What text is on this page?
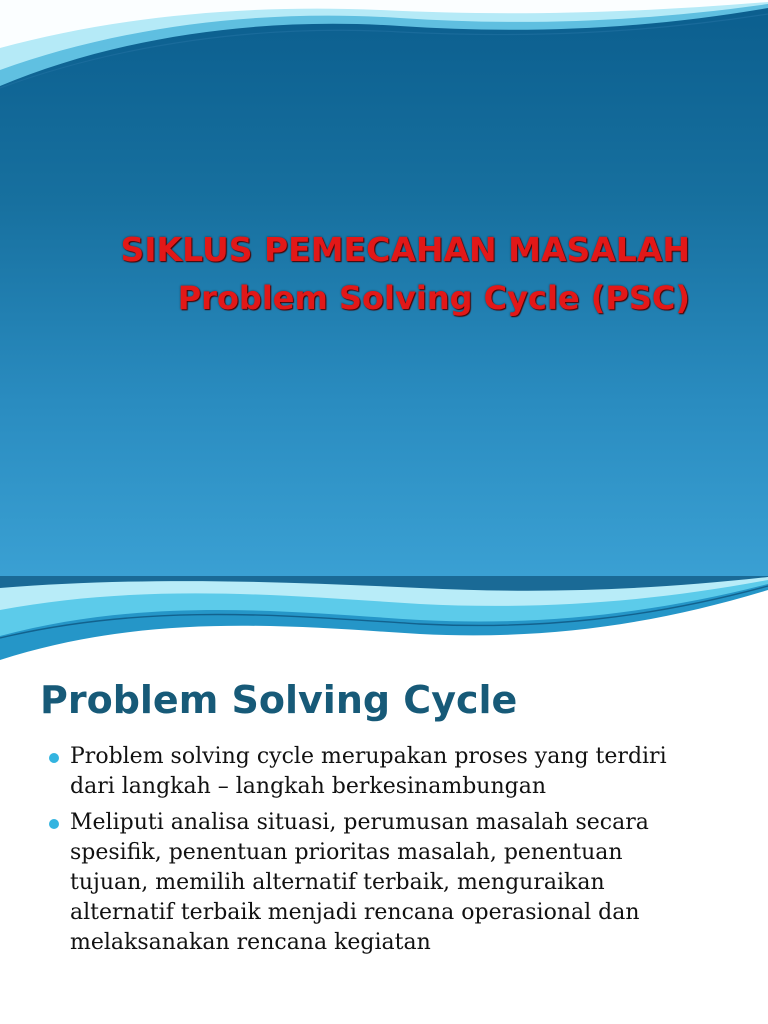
SIKLUS PEMECAHAN MASALAH
Problem Solving Cycle (PSC)
Problem Solving Cycle
Problem solving cycle merupakan proses yang terdiri
dari langkah – langkah berkesinambungan
Meliputi analisa situasi, perumusan masalah secara
spesifik, penentuan prioritas masalah, penentuan
tujuan, memilih alternatif terbaik, menguraikan
alternatif terbaik menjadi rencana operasional dan
melaksanakan rencana kegiatan
